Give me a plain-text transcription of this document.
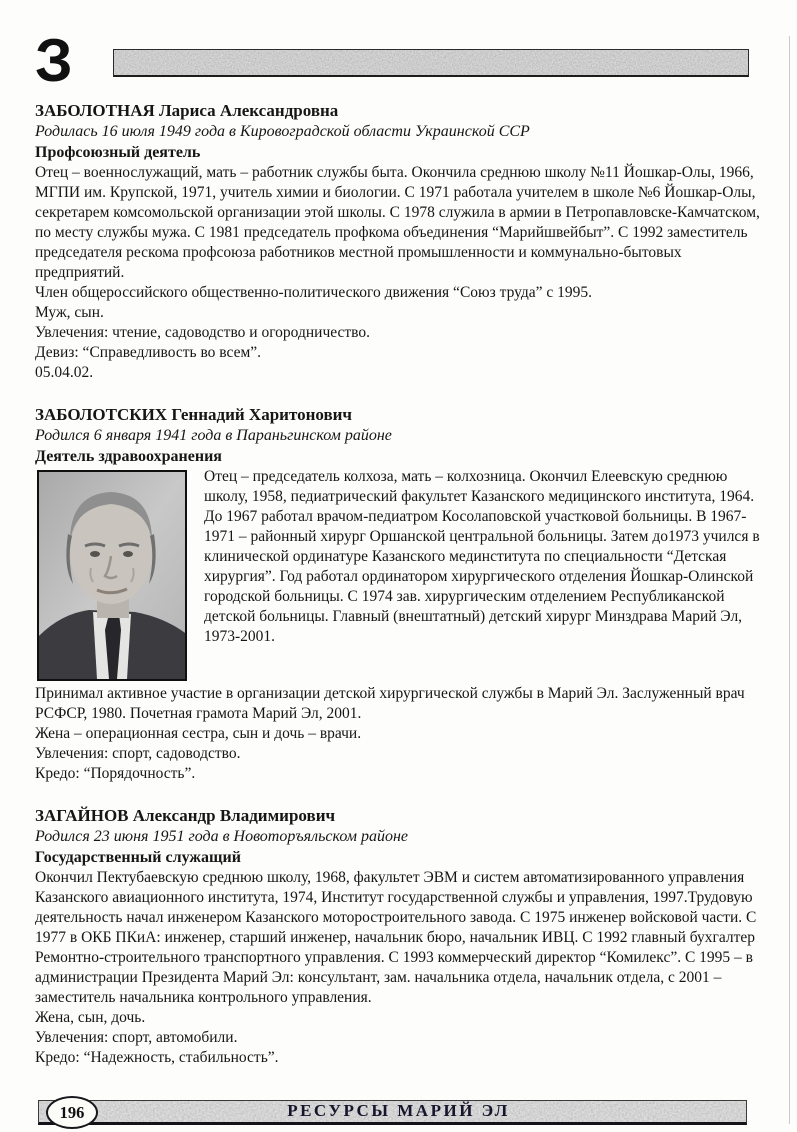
З
ЗАБОЛОТНАЯ Лариса Александровна

Родилась 16 июля 1949 года в Кировоградской области Украинской ССР

Профсоюзный деятель

Отец – военнослужащий, мать – работник службы быта. Окончила среднюю школу №11 Йошкар-Олы, 1966, МГПИ им. Крупской, 1971, учитель химии и биологии. С 1971 работала учителем в школе №6 Йошкар-Олы, секретарем комсомольской организации этой школы. С 1978 служила в армии в Петропавловске-Камчатском, по месту службы мужа. С 1981 председатель профкома объединения “Марийшвейбыт”. С 1992 заместитель председателя рескома профсоюза работников местной промышленности и коммунально-бытовых предприятий.

Член общероссийского общественно-политического движения “Союз труда” с 1995.

Муж, сын.

Увлечения: чтение, садоводство и огородничество.

Девиз: “Справедливость во всем”.

05.04.02.

ЗАБОЛОТСКИХ Геннадий Харитонович

Родился 6 января 1941 года в Параньгинском районе

Деятель здравоохранения

Отец – председатель колхоза, мать – колхозница. Окончил Елеевскую среднюю школу, 1958, педиатрический факультет Казанского медицинского института, 1964. До 1967 работал врачом-педиатром Косолаповской участковой больницы. В 1967-1971 – районный хирург Оршанской центральной больницы. Затем до1973 учился в клинической ординатуре Казанского мединститута по специальности “Детская хирургия”. Год работал ординатором хирургического отделения Йошкар-Олинской городской больницы. С 1974 зав. хирургическим отделением Республиканской детской больницы. Главный (внештатный) детский хирург Минздрава Марий Эл, 1973-2001.

Принимал активное участие в организации детской хирургической службы в Марий Эл. Заслуженный врач РСФСР, 1980. Почетная грамота Марий Эл, 2001.

Жена – операционная сестра, сын и дочь – врачи.

Увлечения: спорт, садоводство.

Кредо: “Порядочность”.

ЗАГАЙНОВ Александр Владимирович

Родился 23 июня 1951 года в Новоторъяльском районе

Государственный служащий

Окончил Пектубаевскую среднюю школу, 1968, факультет ЭВМ и систем автоматизированного управления Казанского авиационного института, 1974, Институт государственной службы и управления, 1997.Трудовую деятельность начал инженером Казанского моторостроительного завода. С 1975 инженер войсковой части. С 1977 в ОКБ ПКиА: инженер, старший инженер, начальник бюро, начальник ИВЦ. С 1992 главный бухгалтер Ремонтно-строительного транспортного управления. С 1993 коммерческий директор “Комилекс”. С 1995 – в администрации Президента Марий Эл: консультант, зам. начальника отдела, начальник отдела, с 2001 – заместитель начальника контрольного управления.

Жена, сын, дочь.

Увлечения: спорт, автомобили.

Кредо: “Надежность, стабильность”.

РЕСУРСЫ МАРИЙ ЭЛ
196
